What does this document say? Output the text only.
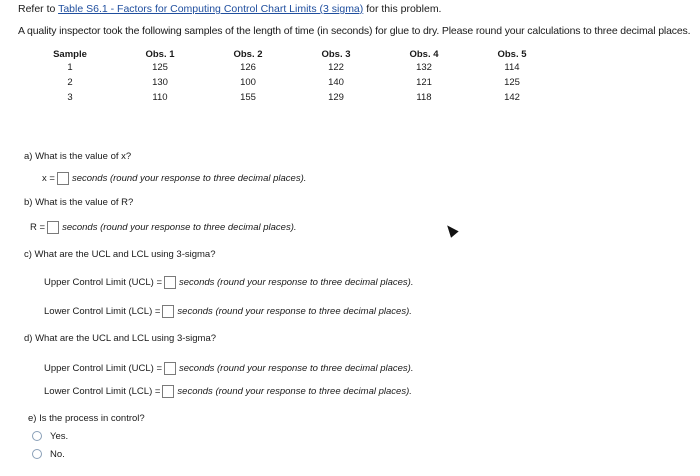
Refer to Table S6.1 - Factors for Computing Control Chart Limits (3 sigma) for this problem.
A quality inspector took the following samples of the length of time (in seconds) for glue to dry. Please round your calculations to three decimal places.
Sample	Obs. 1	Obs. 2	Obs. 3	Obs. 4	Obs. 5
1	125	126	122	132	114
2	130	100	140	121	125
3	110	155	129	118	142
a) What is the value of x?
x = seconds (round your response to three decimal places).
b) What is the value of R?
R = seconds (round your response to three decimal places).
c) What are the UCL and LCL using 3-sigma?
Upper Control Limit (UCL) = seconds (round your response to three decimal places).
Lower Control Limit (LCL) = seconds (round your response to three decimal places).
d) What are the UCL and LCL using 3-sigma?
Upper Control Limit (UCL) = seconds (round your response to three decimal places).
Lower Control Limit (LCL) = seconds (round your response to three decimal places).
e) Is the process in control?
Yes.
No.
